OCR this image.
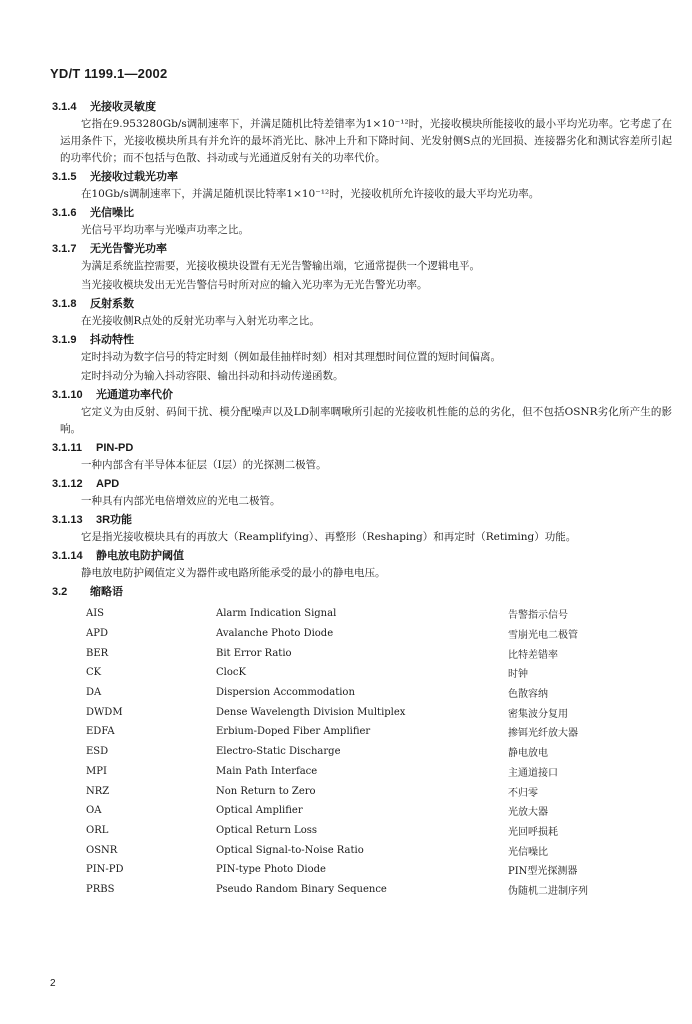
YD/T 1199.1—2002
3.1.4 光接收灵敏度

它指在9.953280Gb/s调制速率下，并满足随机比特差错率为1×10⁻¹²时，光接收模块所能接收的最小平均光功率。它考虑了在运用条件下，光接收模块所具有并允许的最坏消光比、脉冲上升和下降时间、光发射侧S点的光回损、连接器劣化和测试容差所引起的功率代价；而不包括与色散、抖动或与光通道反射有关的功率代价。

3.1.5 光接收过载光功率

在10Gb/s调制速率下，并满足随机误比特率1×10⁻¹²时，光接收机所允许接收的最大平均光功率。

3.1.6 光信噪比

光信号平均功率与光噪声功率之比。

3.1.7 无光告警光功率

为满足系统监控需要，光接收模块设置有无光告警输出端，它通常提供一个逻辑电平。

当光接收模块发出无光告警信号时所对应的输入光功率为无光告警光功率。

3.1.8 反射系数

在光接收侧R点处的反射光功率与入射光功率之比。

3.1.9 抖动特性

定时抖动为数字信号的特定时刻（例如最佳抽样时刻）相对其理想时间位置的短时间偏离。

定时抖动分为输入抖动容限、输出抖动和抖动传递函数。

3.1.10 光通道功率代价

它定义为由反射、码间干扰、模分配噪声以及LD制率啁啾所引起的光接收机性能的总的劣化，但不包括OSNR劣化所产生的影响。

3.1.11 PIN-PD

一种内部含有半导体本征层（I层）的光探测二极管。

3.1.12 APD

一种具有内部光电倍增效应的光电二极管。

3.1.13 3R功能

它是指光接收模块具有的再放大（Reamplifying）、再整形（Reshaping）和再定时（Retiming）功能。

3.1.14 静电放电防护阈值

静电放电防护阈值定义为器件或电路所能承受的最小的静电电压。

3.2 缩略语
AIS	Alarm Indication Signal	告警指示信号
APD	Avalanche Photo Diode	雪崩光电二极管
BER	Bit Error Ratio	比特差错率
CK	ClocK	时钟
DA	Dispersion Accommodation	色散容纳
DWDM	Dense Wavelength Division Multiplex	密集波分复用
EDFA	Erbium-Doped Fiber Amplifier	掺铒光纤放大器
ESD	Electro-Static Discharge	静电放电
MPI	Main Path Interface	主通道接口
NRZ	Non Return to Zero	不归零
OA	Optical Amplifier	光放大器
ORL	Optical Return Loss	光回呼损耗
OSNR	Optical Signal-to-Noise Ratio	光信噪比
PIN-PD	PIN-type Photo Diode	PIN型光探测器
PRBS	Pseudo Random Binary Sequence	伪随机二进制序列
2
